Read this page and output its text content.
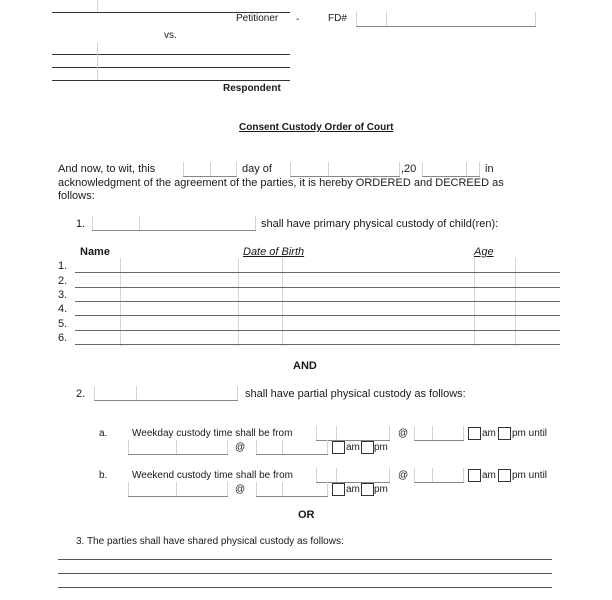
Petitioner -	FD#
vs.
Respondent
Consent Custody Order of Court
And now, to wit, this	day of	,20	in
acknowledgment of the agreement of the parties, it is hereby ORDERED and DECREED as
follows:
1.	shall have primary physical custody of child(ren):
Name	Date of Birth	Age
1.
2.
3.
4.
5.
6.
AND
2.	shall have partial physical custody as follows:
a. Weekday custody time shall be from	@	am pm until
@	am pm
b. Weekend custody time shall be from	@	am pm until
@	am pm
OR
3. The parties shall have shared physical custody as follows:
